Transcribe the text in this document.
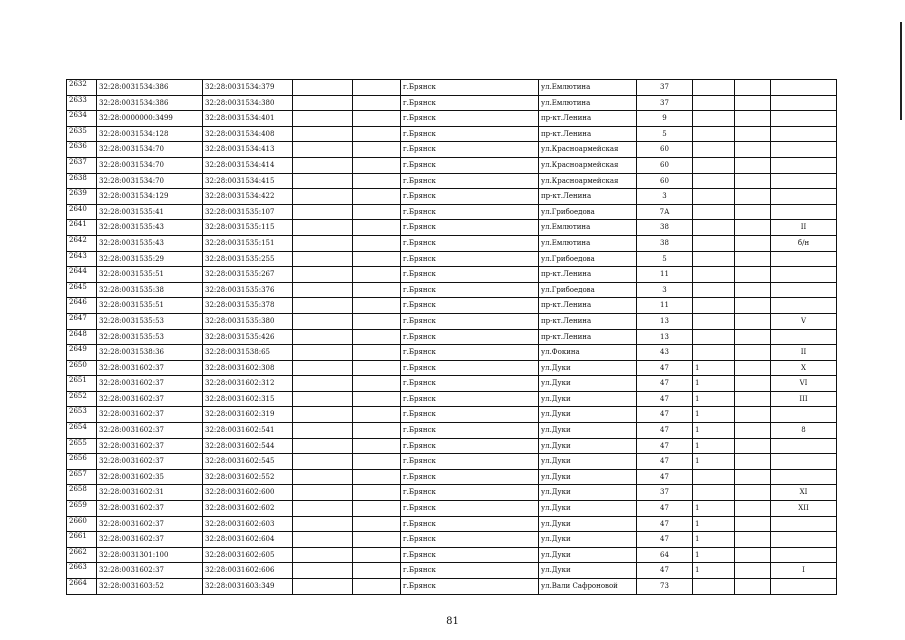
2632	32:28:0031534:386	32:28:0031534:379			г.Брянск	ул.Емлютина	37			
2633	32:28:0031534:386	32:28:0031534:380			г.Брянск	ул.Емлютина	37			
2634	32:28:0000000:3499	32:28:0031534:401			г.Брянск	пр-кт.Ленина	9			
2635	32:28:0031534:128	32:28:0031534:408			г.Брянск	пр-кт.Ленина	5			
2636	32:28:0031534:70	32:28:0031534:413			г.Брянск	ул.Красноармейская	60			
2637	32:28:0031534:70	32:28:0031534:414			г.Брянск	ул.Красноармейская	60			
2638	32:28:0031534:70	32:28:0031534:415			г.Брянск	ул.Красноармейская	60			
2639	32:28:0031534:129	32:28:0031534:422			г.Брянск	пр-кт.Ленина	3			
2640	32:28:0031535:41	32:28:0031535:107			г.Брянск	ул.Грибоедова	7А			
2641	32:28:0031535:43	32:28:0031535:115			г.Брянск	ул.Емлютина	38			II
2642	32:28:0031535:43	32:28:0031535:151			г.Брянск	ул.Емлютина	38			б/н
2643	32:28:0031535:29	32:28:0031535:255			г.Брянск	ул.Грибоедова	5			
2644	32:28:0031535:51	32:28:0031535:267			г.Брянск	пр-кт.Ленина	11			
2645	32:28:0031535:38	32:28:0031535:376			г.Брянск	ул.Грибоедова	3			
2646	32:28:0031535:51	32:28:0031535:378			г.Брянск	пр-кт.Ленина	11			
2647	32:28:0031535:53	32:28:0031535:380			г.Брянск	пр-кт.Ленина	13			V
2648	32:28:0031535:53	32:28:0031535:426			г.Брянск	пр-кт.Ленина	13			
2649	32:28:0031538:36	32:28:0031538:65			г.Брянск	ул.Фокина	43			II
2650	32:28:0031602:37	32:28:0031602:308			г.Брянск	ул.Дуки	47	1		X
2651	32:28:0031602:37	32:28:0031602:312			г.Брянск	ул.Дуки	47	1		VI
2652	32:28:0031602:37	32:28:0031602:315			г.Брянск	ул.Дуки	47	1		III
2653	32:28:0031602:37	32:28:0031602:319			г.Брянск	ул.Дуки	47	1		
2654	32:28:0031602:37	32:28:0031602:541			г.Брянск	ул.Дуки	47	1		8
2655	32:28:0031602:37	32:28:0031602:544			г.Брянск	ул.Дуки	47	1		
2656	32:28:0031602:37	32:28:0031602:545			г.Брянск	ул.Дуки	47	1		
2657	32:28:0031602:35	32:28:0031602:552			г.Брянск	ул.Дуки	47			
2658	32:28:0031602:31	32:28:0031602:600			г.Брянск	ул.Дуки	37			XI
2659	32:28:0031602:37	32:28:0031602:602			г.Брянск	ул.Дуки	47	1		XII
2660	32:28:0031602:37	32:28:0031602:603			г.Брянск	ул.Дуки	47	1		
2661	32:28:0031602:37	32:28:0031602:604			г.Брянск	ул.Дуки	47	1		
2662	32:28:0031301:100	32:28:0031602:605			г.Брянск	ул.Дуки	64	1		
2663	32:28:0031602:37	32:28:0031602:606			г.Брянск	ул.Дуки	47	1		I
2664	32:28:0031603:52	32:28:0031603:349			г.Брянск	ул.Вали Сафроновой	73			
81
